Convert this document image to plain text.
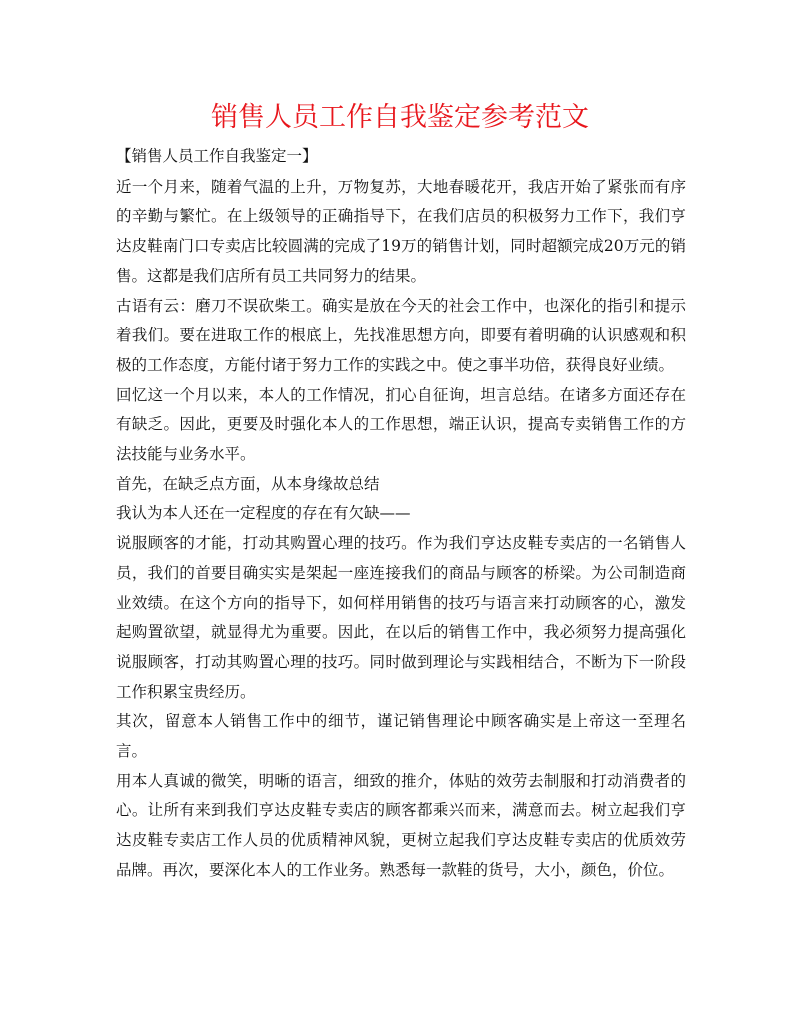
销售人员工作自我鉴定参考范文

【销售人员工作自我鉴定一】

近一个月来，随着气温的上升，万物复苏，大地春暖花开，我店开始了紧张而有序的辛勤与繁忙。在上级领导的正确指导下，在我们店员的积极努力工作下，我们亨达皮鞋南门口专卖店比较圆满的完成了19万的销售计划，同时超额完成20万元的销售。这都是我们店所有员工共同努力的结果。

古语有云：磨刀不误砍柴工。确实是放在今天的社会工作中，也深化的指引和提示着我们。要在进取工作的根底上，先找准思想方向，即要有着明确的认识感观和积极的工作态度，方能付诸于努力工作的实践之中。使之事半功倍，获得良好业绩。

回忆这一个月以来，本人的工作情况，扪心自征询，坦言总结。在诸多方面还存在有缺乏。因此，更要及时强化本人的工作思想，端正认识，提高专卖销售工作的方法技能与业务水平。

首先，在缺乏点方面，从本身缘故总结

我认为本人还在一定程度的存在有欠缺——

说服顾客的才能，打动其购置心理的技巧。作为我们亨达皮鞋专卖店的一名销售人员，我们的首要目确实实是架起一座连接我们的商品与顾客的桥梁。为公司制造商业效绩。在这个方向的指导下，如何样用销售的技巧与语言来打动顾客的心，激发起购置欲望，就显得尤为重要。因此，在以后的销售工作中，我必须努力提高强化说服顾客，打动其购置心理的技巧。同时做到理论与实践相结合，不断为下一阶段工作积累宝贵经历。

其次，留意本人销售工作中的细节，谨记销售理论中顾客确实是上帝这一至理名言。

用本人真诚的微笑，明晰的语言，细致的推介，体贴的效劳去制服和打动消费者的心。让所有来到我们亨达皮鞋专卖店的顾客都乘兴而来，满意而去。树立起我们亨达皮鞋专卖店工作人员的优质精神风貌，更树立起我们亨达皮鞋专卖店的优质效劳品牌。再次，要深化本人的工作业务。熟悉每一款鞋的货号，大小，颜色，价位。
